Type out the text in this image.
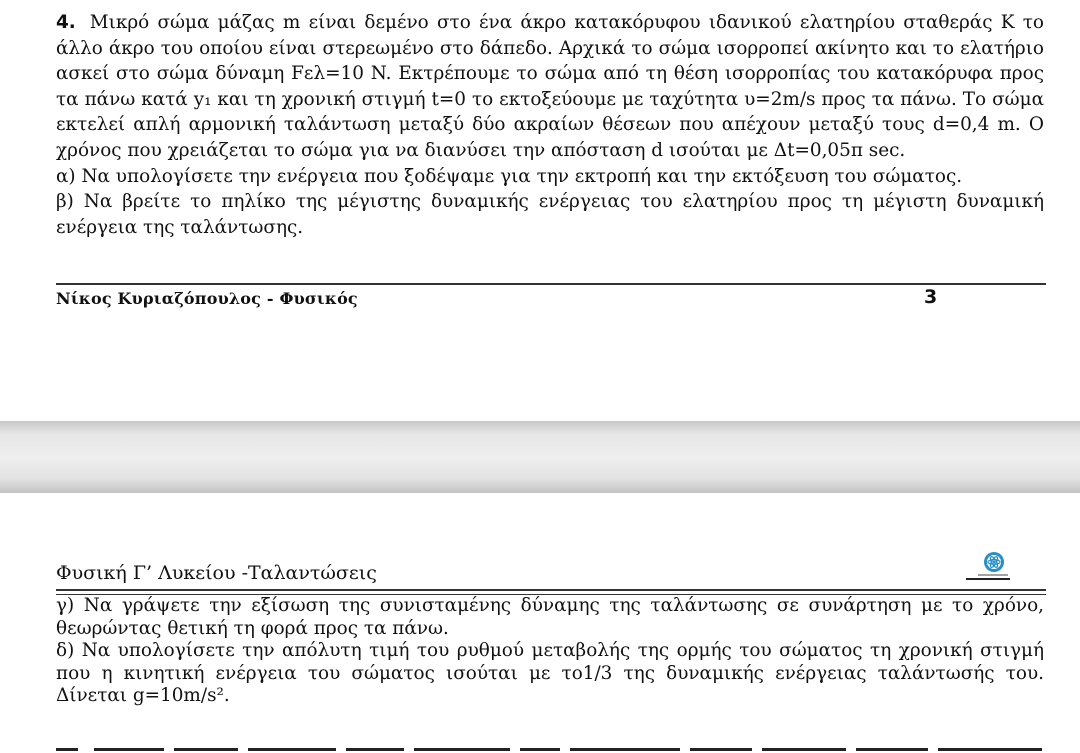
4. Μικρό σώμα μάζας m είναι δεμένο στο ένα άκρο κατακόρυφου ιδανικού ελατηρίου σταθεράς Κ το άλλο άκρο του οποίου είναι στερεωμένο στο δάπεδο. Αρχικά το σώμα ισορροπεί ακίνητο και το ελατήριο ασκεί στο σώμα δύναμη Fελ=10 N. Εκτρέπουμε το σώμα από τη θέση ισορροπίας του κατακόρυφα προς τα πάνω κατά y₁ και τη χρονική στιγμή t=0 το εκτοξεύουμε με ταχύτητα υ=2m/s προς τα πάνω. Το σώμα εκτελεί απλή αρμονική ταλάντωση μεταξύ δύο ακραίων θέσεων που απέχουν μεταξύ τους d=0,4 m. Ο χρόνος που χρειάζεται το σώμα για να διανύσει την απόσταση d ισούται με Δt=0,05π sec.

α) Να υπολογίσετε την ενέργεια που ξοδέψαμε για την εκτροπή και την εκτόξευση του σώματος.

β) Να βρείτε το πηλίκο της μέγιστης δυναμικής ενέργειας του ελατηρίου προς τη μέγιστη δυναμική ενέργεια της ταλάντωσης.

Νίκος Κυριαζόπουλος - Φυσικός	3
Φυσική Γ’ Λυκείου -Ταλαντώσεις

γ) Να γράψετε την εξίσωση της συνισταμένης δύναμης της ταλάντωσης σε συνάρτηση με το χρόνο, θεωρώντας θετική τη φορά προς τα πάνω.

δ) Να υπολογίσετε την απόλυτη τιμή του ρυθμού μεταβολής της ορμής του σώματος τη χρονική στιγμή που η κινητική ενέργεια του σώματος ισούται με το1/3 της δυναμικής ενέργειας ταλάντωσής του. Δίνεται g=10m/s².
